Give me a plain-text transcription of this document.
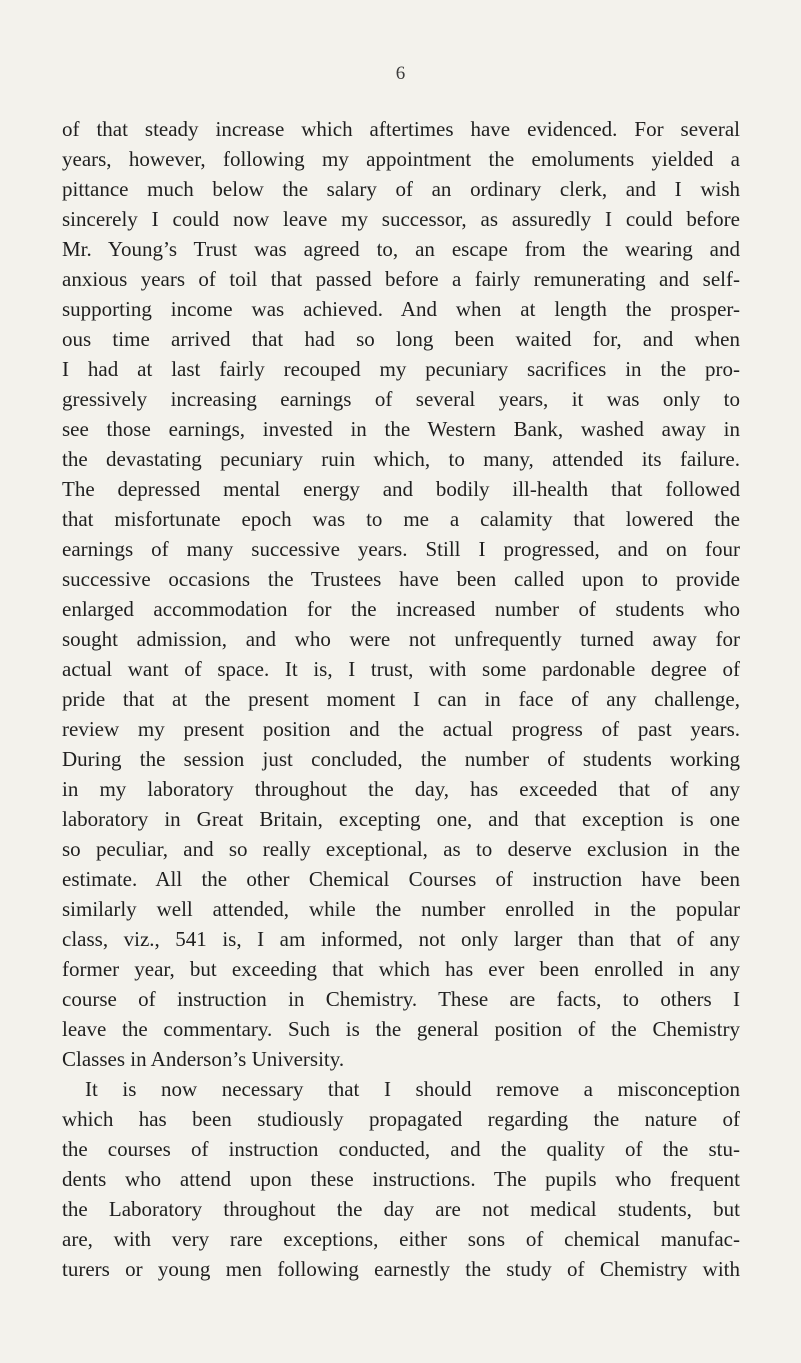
6
of that steady increase which aftertimes have evidenced. For several
years, however, following my appointment the emoluments yielded a
pittance much below the salary of an ordinary clerk, and I wish
sincerely I could now leave my successor, as assuredly I could before
Mr. Young’s Trust was agreed to, an escape from the wearing and
anxious years of toil that passed before a fairly remunerating and self-
supporting income was achieved. And when at length the prosper-
ous time arrived that had so long been waited for, and when
I had at last fairly recouped my pecuniary sacrifices in the pro-
gressively increasing earnings of several years, it was only to
see those earnings, invested in the Western Bank, washed away in
the devastating pecuniary ruin which, to many, attended its failure.
The depressed mental energy and bodily ill-health that followed
that misfortunate epoch was to me a calamity that lowered the
earnings of many successive years. Still I progressed, and on four
successive occasions the Trustees have been called upon to provide
enlarged accommodation for the increased number of students who
sought admission, and who were not unfrequently turned away for
actual want of space. It is, I trust, with some pardonable degree of
pride that at the present moment I can in face of any challenge,
review my present position and the actual progress of past years.
During the session just concluded, the number of students working
in my laboratory throughout the day, has exceeded that of any
laboratory in Great Britain, excepting one, and that exception is one
so peculiar, and so really exceptional, as to deserve exclusion in the
estimate. All the other Chemical Courses of instruction have been
similarly well attended, while the number enrolled in the popular
class, viz., 541 is, I am informed, not only larger than that of any
former year, but exceeding that which has ever been enrolled in any
course of instruction in Chemistry. These are facts, to others I
leave the commentary. Such is the general position of the Chemistry
Classes in Anderson’s University.
It is now necessary that I should remove a misconception
which has been studiously propagated regarding the nature of
the courses of instruction conducted, and the quality of the stu-
dents who attend upon these instructions. The pupils who frequent
the Laboratory throughout the day are not medical students, but
are, with very rare exceptions, either sons of chemical manufac-
turers or young men following earnestly the study of Chemistry with
